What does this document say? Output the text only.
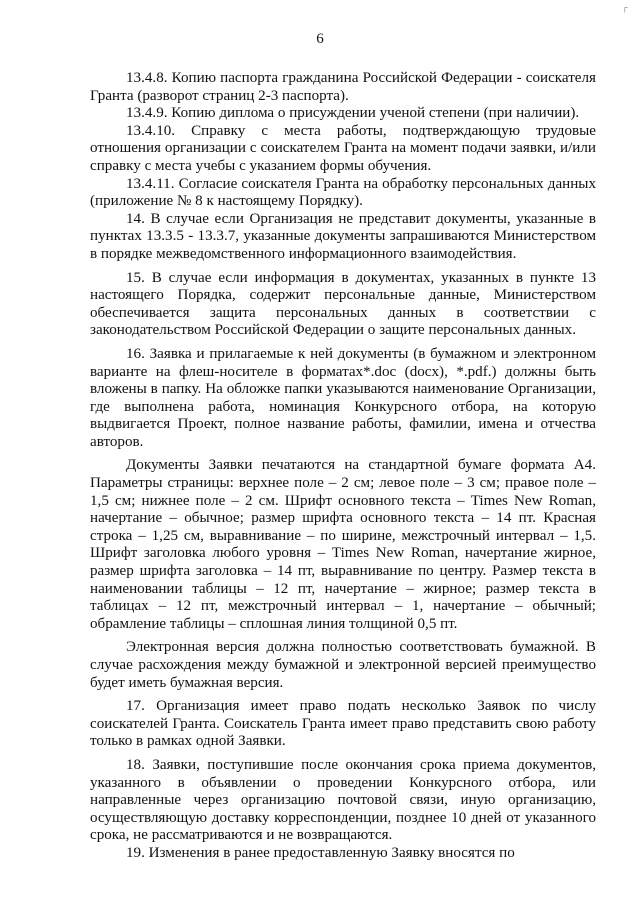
┌
6

13.4.8. Копию паспорта гражданина Российской Федерации - соискателя Гранта (разворот страниц 2-3 паспорта).

13.4.9. Копию диплома о присуждении ученой степени (при наличии).

13.4.10. Справку с места работы, подтверждающую трудовые отношения организации с соискателем Гранта на момент подачи заявки, и/или справку с места учебы с указанием формы обучения.

13.4.11. Согласие соискателя Гранта на обработку персональных данных (приложение № 8 к настоящему Порядку).

14. В случае если Организация не представит документы, указанные в пунктах 13.3.5 - 13.3.7, указанные документы запрашиваются Министерством в порядке межведомственного информационного взаимодействия.

15. В случае если информация в документах, указанных в пункте 13 настоящего Порядка, содержит персональные данные, Министерством обеспечивается защита персональных данных в соответствии с законодательством Российской Федерации о защите персональных данных.

16. Заявка и прилагаемые к ней документы (в бумажном и электронном варианте на флеш-носителе в форматах*.doc (docx), *.pdf.) должны быть вложены в папку. На обложке папки указываются наименование Организации, где выполнена работа, номинация Конкурсного отбора, на которую выдвигается Проект, полное название работы, фамилии, имена и отчества авторов.

Документы Заявки печатаются на стандартной бумаге формата А4. Параметры страницы: верхнее поле – 2 см; левое поле – 3 см; правое поле – 1,5 см; нижнее поле – 2 см. Шрифт основного текста – Times New Roman, начертание – обычное; размер шрифта основного текста – 14 пт. Красная строка – 1,25 см, выравнивание – по ширине, межстрочный интервал – 1,5. Шрифт заголовка любого уровня – Times New Roman, начертание жирное, размер шрифта заголовка – 14 пт, выравнивание по центру. Размер текста в наименовании таблицы – 12 пт, начертание – жирное; размер текста в таблицах – 12 пт, межстрочный интервал – 1, начертание – обычный; обрамление таблицы – сплошная линия толщиной 0,5 пт.

Электронная версия должна полностью соответствовать бумажной. В случае расхождения между бумажной и электронной версией преимущество будет иметь бумажная версия.

17. Организация имеет право подать несколько Заявок по числу соискателей Гранта. Соискатель Гранта имеет право представить свою работу только в рамках одной Заявки.

18. Заявки, поступившие после окончания срока приема документов, указанного в объявлении о проведении Конкурсного отбора, или направленные через организацию почтовой связи, иную организацию, осуществляющую доставку корреспонденции, позднее 10 дней от указанного срока, не рассматриваются и не возвращаются.

19. Изменения в ранее предоставленную Заявку вносятся по
